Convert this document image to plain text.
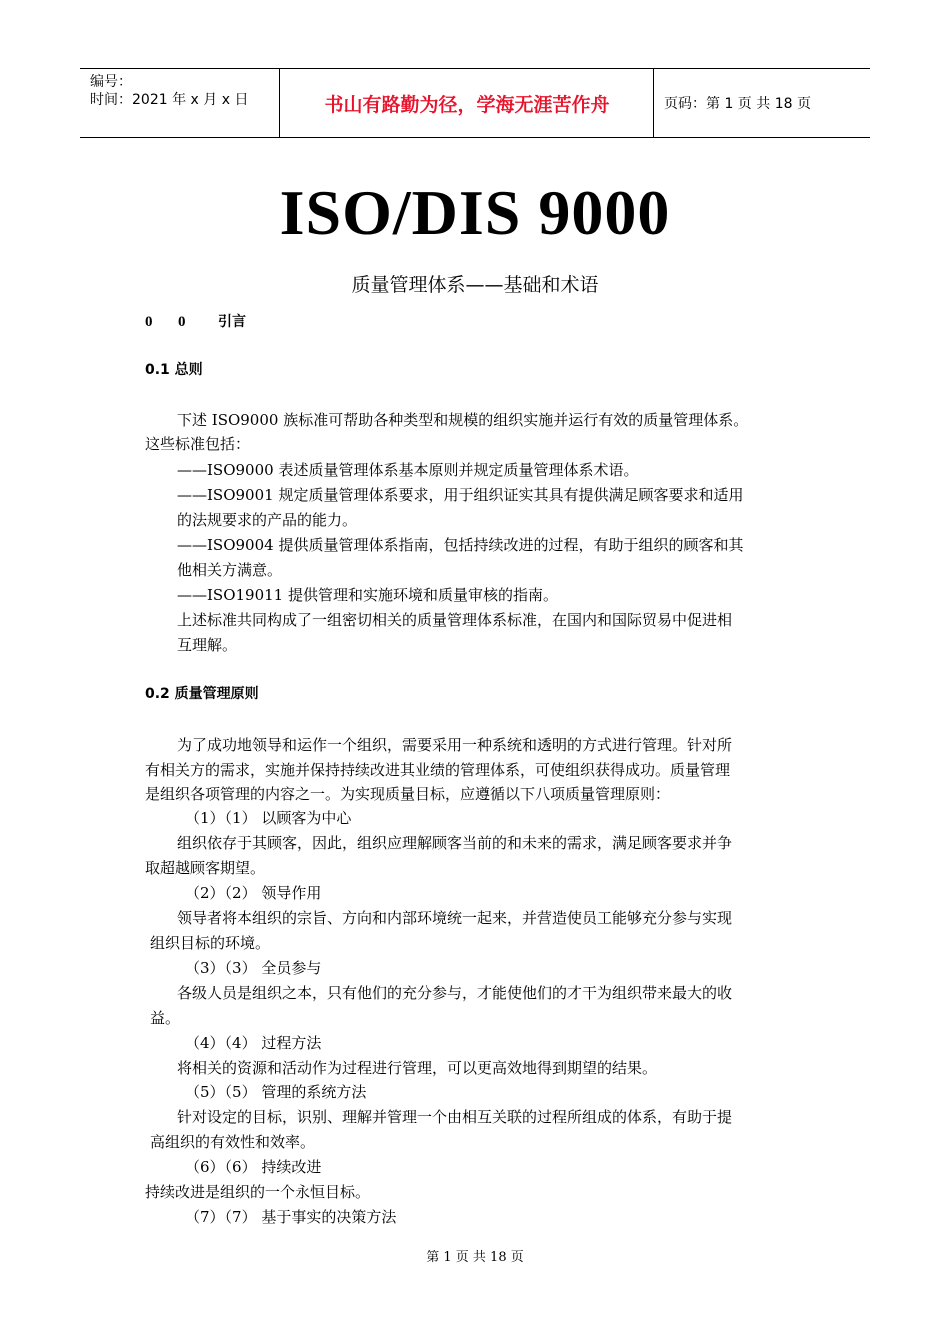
编号：
时间：2021 年 x 月 x 日	书山有路勤为径，学海无涯苦作舟	页码：第 1 页 共 18 页
ISO/DIS 9000
质量管理体系——基础和术语
0 0 引言
0.1 总则
下述 ISO9000 族标准可帮助各种类型和规模的组织实施并运行有效的质量管理体系。
这些标准包括：
——ISO9000 表述质量管理体系基本原则并规定质量管理体系术语。
——ISO9001 规定质量管理体系要求，用于组织证实其具有提供满足顾客要求和适用
的法规要求的产品的能力。
——ISO9004 提供质量管理体系指南，包括持续改进的过程，有助于组织的顾客和其
他相关方满意。
——ISO19011 提供管理和实施环境和质量审核的指南。
上述标准共同构成了一组密切相关的质量管理体系标准，在国内和国际贸易中促进相
互理解。
0.2 质量管理原则
为了成功地领导和运作一个组织，需要采用一种系统和透明的方式进行管理。针对所
有相关方的需求，实施并保持持续改进其业绩的管理体系，可使组织获得成功。质量管理
是组织各项管理的内容之一。为实现质量目标，应遵循以下八项质量管理原则：
（1）（1） 以顾客为中心
组织依存于其顾客，因此，组织应理解顾客当前的和未来的需求，满足顾客要求并争
取超越顾客期望。
（2）（2） 领导作用
领导者将本组织的宗旨、方向和内部环境统一起来，并营造使员工能够充分参与实现
组织目标的环境。
（3）（3） 全员参与
各级人员是组织之本，只有他们的充分参与，才能使他们的才干为组织带来最大的收
益。
（4）（4） 过程方法
将相关的资源和活动作为过程进行管理，可以更高效地得到期望的结果。
（5）（5） 管理的系统方法
针对设定的目标，识别、理解并管理一个由相互关联的过程所组成的体系，有助于提
高组织的有效性和效率。
（6）（6） 持续改进
持续改进是组织的一个永恒目标。
（7）（7） 基于事实的决策方法
第 1 页 共 18 页
